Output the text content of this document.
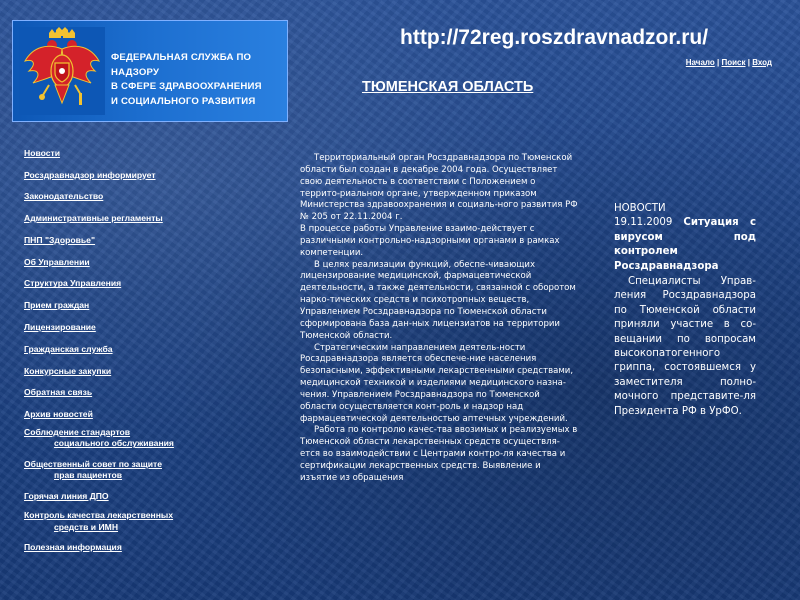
ФЕДЕРАЛЬНАЯ СЛУЖБА ПО НАДЗОРУ
В СФЕРЕ ЗДРАВООХРАНЕНИЯ
И СОЦИАЛЬНОГО РАЗВИТИЯ
http://72reg.roszdravnadzor.ru/
Начало | Поиск | Вход
ТЮМЕНСКАЯ ОБЛАСТЬ
Новости
Росздравнадзор информирует
Законодательство
Административные регламенты
ПНП "Здоровье"
Об Управлении
Структура Управления
Прием граждан
Лицензирование
Гражданская служба
Конкурсные закупки
Обратная связь
Архив новостей
Соблюдение стандартов
социального обслуживания
Общественный совет по защите
прав пациентов
Горячая линия ДПО
Контроль качества лекарственных
средств и ИМН
Полезная информация

Территориальный орган Росздравнадзора по Тюменской области был создан в декабре 2004 года. Осуществляет свою деятельность в соответствии с Положением о террито-риальном органе, утвержденном приказом Министерства здравоохранения и социаль-ного развития РФ № 205 от 22.11.2004 г.

В процессе работы Управление взаимо-действует с различными контрольно-надзорными органами в рамках компетенции.

В целях реализации функций, обеспе-чивающих лицензирование медицинской, фармацевтической деятельности, а также деятельности, связанной с оборотом нарко-тических средств и психотропных веществ, Управлением Росздравнадзора по Тюменской области сформирована база дан-ных лицензиатов на территории Тюменской области.

Стратегическим направлением деятель-ности Росздравнадзора является обеспече-ние населения безопасными, эффективными лекарственными средствами, медицинской техникой и изделиями медицинского назна-чения. Управлением Росздравнадзора по Тюменской области осуществляется конт-роль и надзор над фармацевтической деятельностью аптечных учреждений.

Работа по контролю качес-тва ввозимых и реализуемых в Тюменской области лекарственных средств осуществля-ется во взаимодействии с Центрами контро-ля качества и сертификации лекарственных средств. Выявление и изъятие из обращения

НОВОСТИ
19.11.2009 Ситуация с вирусом под контролем Росздравнадзора
Специалисты Управ-ления Росздравнадзора по Тюменской области приняли участие в со-вещании по вопросам высокопатогенного гриппа, состоявшемся у заместителя полно-мочного представите-ля Президента РФ в УрФО.
